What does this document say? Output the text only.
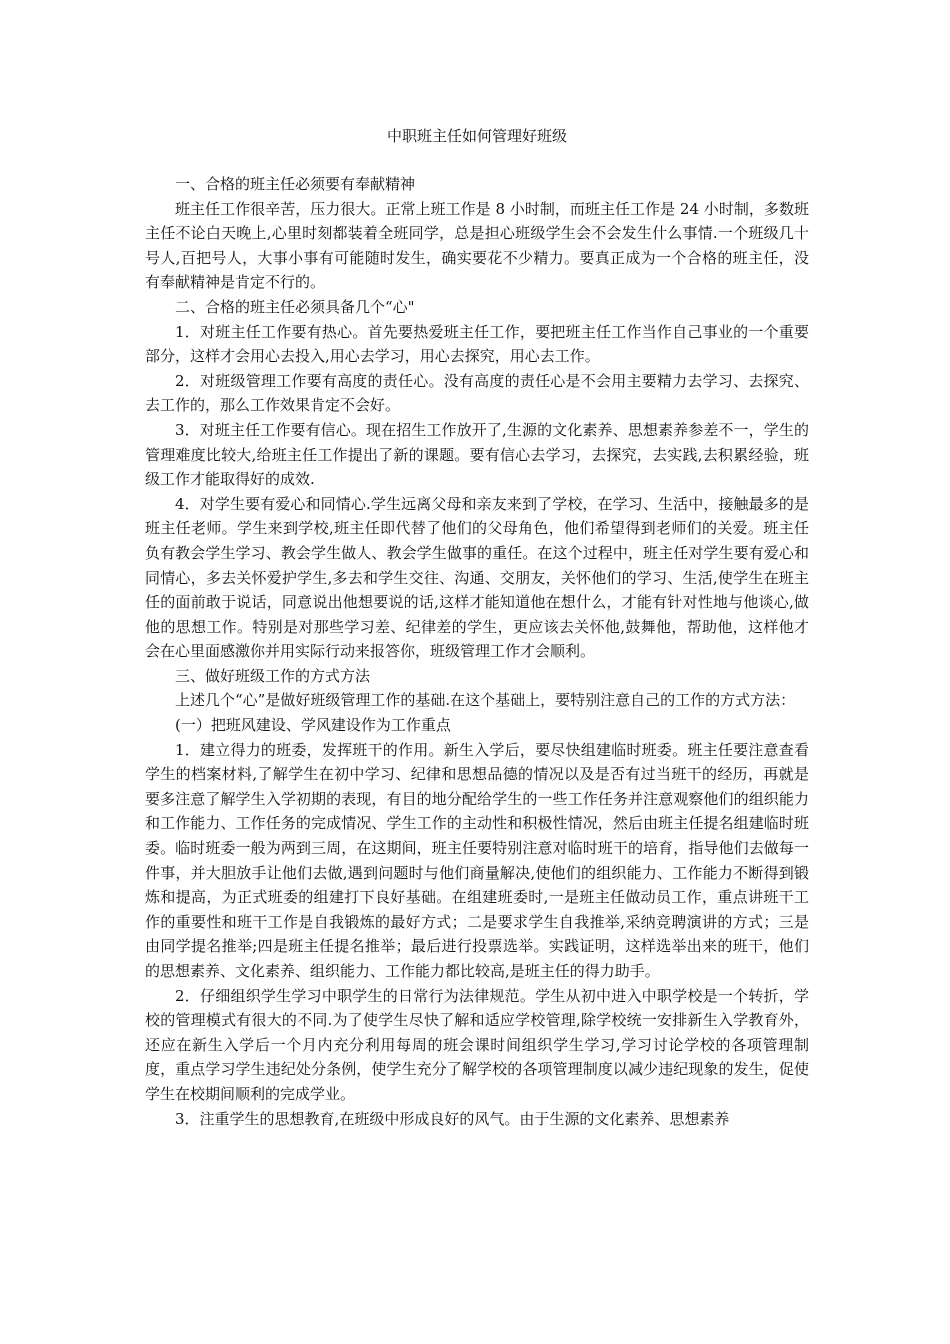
中职班主任如何管理好班级

一、合格的班主任必须要有奉献精神

班主任工作很辛苦，压力很大。正常上班工作是 8 小时制，而班主任工作是 24 小时制，多数班主任不论白天晚上,心里时刻都装着全班同学，总是担心班级学生会不会发生什么事情.一个班级几十号人,百把号人，大事小事有可能随时发生，确实要花不少精力。要真正成为一个合格的班主任，没有奉献精神是肯定不行的。

二、合格的班主任必须具备几个“心"

1．对班主任工作要有热心。首先要热爱班主任工作，要把班主任工作当作自己事业的一个重要部分，这样才会用心去投入,用心去学习，用心去探究，用心去工作。

2．对班级管理工作要有高度的责任心。没有高度的责任心是不会用主要精力去学习、去探究、去工作的，那么工作效果肯定不会好。

3．对班主任工作要有信心。现在招生工作放开了,生源的文化素养、思想素养参差不一，学生的管理难度比较大,给班主任工作提出了新的课题。要有信心去学习，去探究，去实践,去积累经验，班级工作才能取得好的成效.

4．对学生要有爱心和同情心.学生远离父母和亲友来到了学校，在学习、生活中，接触最多的是班主任老师。学生来到学校,班主任即代替了他们的父母角色，他们希望得到老师们的关爱。班主任负有教会学生学习、教会学生做人、教会学生做事的重任。在这个过程中，班主任对学生要有爱心和同情心，多去关怀爱护学生,多去和学生交往、沟通、交朋友，关怀他们的学习、生活,使学生在班主任的面前敢于说话，同意说出他想要说的话,这样才能知道他在想什么，才能有针对性地与他谈心,做他的思想工作。特别是对那些学习差、纪律差的学生，更应该去关怀他,鼓舞他，帮助他，这样他才会在心里面感激你并用实际行动来报答你，班级管理工作才会顺利。

三、做好班级工作的方式方法

上述几个“心”是做好班级管理工作的基础.在这个基础上，要特别注意自己的工作的方式方法：

(一）把班风建设、学风建设作为工作重点

1．建立得力的班委，发挥班干的作用。新生入学后，要尽快组建临时班委。班主任要注意查看学生的档案材料,了解学生在初中学习、纪律和思想品德的情况以及是否有过当班干的经历，再就是要多注意了解学生入学初期的表现，有目的地分配给学生的一些工作任务并注意观察他们的组织能力和工作能力、工作任务的完成情况、学生工作的主动性和积极性情况，然后由班主任提名组建临时班委。临时班委一般为两到三周，在这期间，班主任要特别注意对临时班干的培育，指导他们去做每一件事，并大胆放手让他们去做,遇到问题时与他们商量解决,使他们的组织能力、工作能力不断得到锻炼和提高，为正式班委的组建打下良好基础。在组建班委时,一是班主任做动员工作，重点讲班干工作的重要性和班干工作是自我锻炼的最好方式；二是要求学生自我推举,采纳竞聘演讲的方式；三是由同学提名推举;四是班主任提名推举；最后进行投票选举。实践证明，这样选举出来的班干，他们的思想素养、文化素养、组织能力、工作能力都比较高,是班主任的得力助手。

2．仔细组织学生学习中职学生的日常行为法律规范。学生从初中进入中职学校是一个转折，学校的管理模式有很大的不同.为了使学生尽快了解和适应学校管理,除学校统一安排新生入学教育外，还应在新生入学后一个月内充分利用每周的班会课时间组织学生学习,学习讨论学校的各项管理制度，重点学习学生违纪处分条例，使学生充分了解学校的各项管理制度以减少违纪现象的发生，促使学生在校期间顺利的完成学业。

3．注重学生的思想教育,在班级中形成良好的风气。由于生源的文化素养、思想素养
